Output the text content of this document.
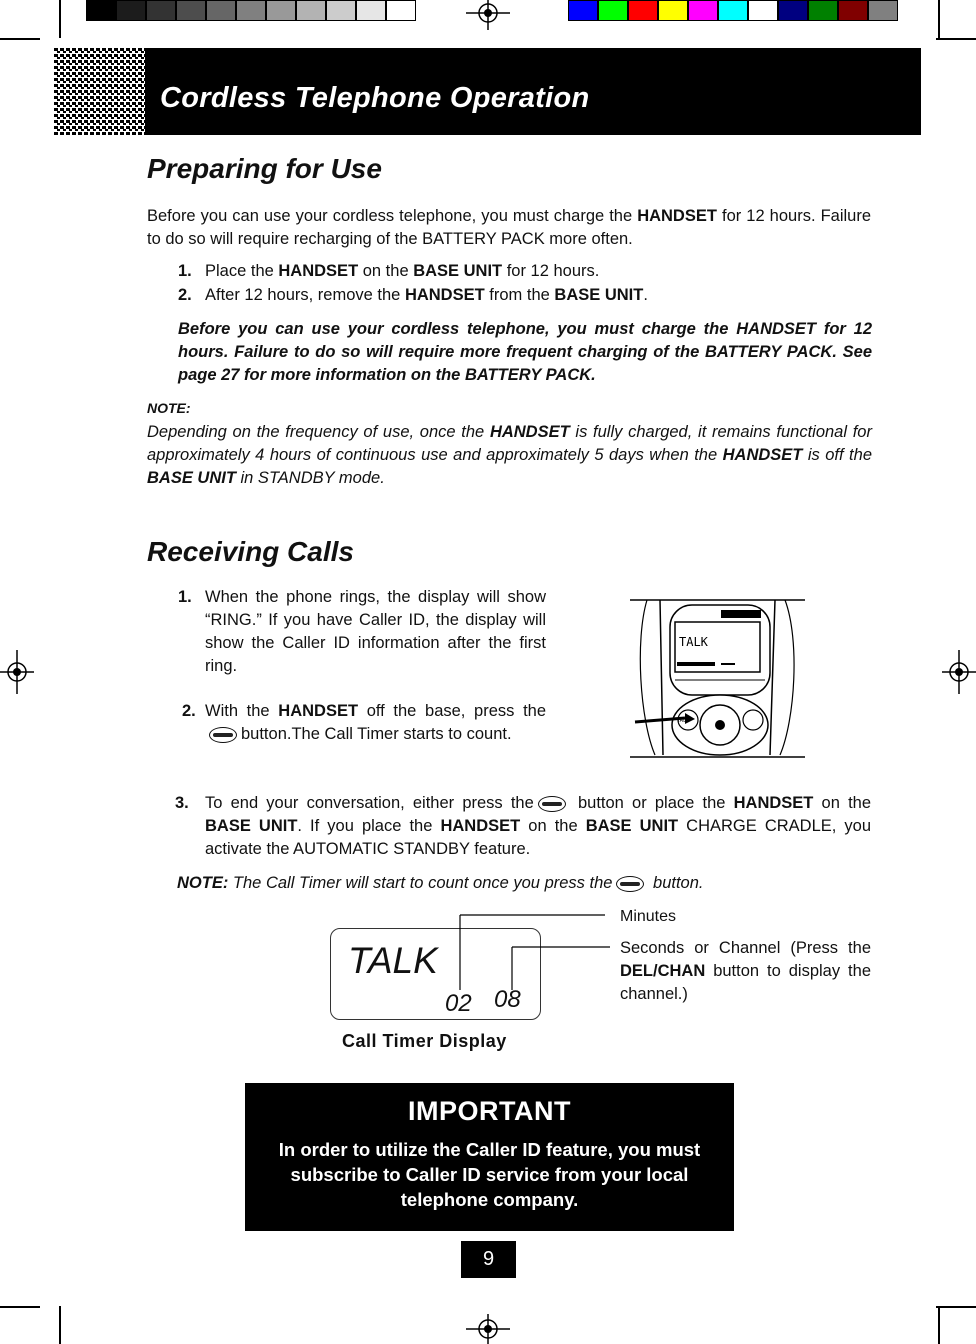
Cordless Telephone Operation
Preparing for Use
Before you can use your cordless telephone, you must charge the HANDSET for 12 hours. Failure to do so will require recharging of the BATTERY PACK more often.
1. Place the HANDSET on the BASE UNIT for 12 hours.
2. After 12 hours, remove the HANDSET from the BASE UNIT.
Before you can use your cordless telephone, you must charge the HANDSET for 12 hours. Failure to do so will require more frequent charging of the BATTERY PACK. See page 27 for more information on the BATTERY PACK.
NOTE:
Depending on the frequency of use, once the HANDSET is fully charged, it remains functional for approximately 4 hours of continuous use and approximately 5 days when the HANDSET is off the BASE UNIT in STANDBY mode.
Receiving Calls
1. When the phone rings, the display will show “RING.” If you have Caller ID, the display will show the Caller ID information after the first ring.
2. With the HANDSET off the base, press thebutton.The Call Timer starts to count.
TALK
TALK
3. To end your conversation, either press the	button or place the HANDSET on the BASE UNIT. If you place the HANDSET on the BASE UNIT CHARGE CRADLE, you activate the AUTOMATIC STANDBY feature.
NOTE: The Call Timer will start to count once you press the button.
TALK
02 08
Minutes
Seconds or Channel (Press the DEL/CHAN button to display the channel.)
Call Timer Display
IMPORTANT
In order to utilize the Caller ID feature, you must subscribe to Caller ID service from your local telephone company.
9
